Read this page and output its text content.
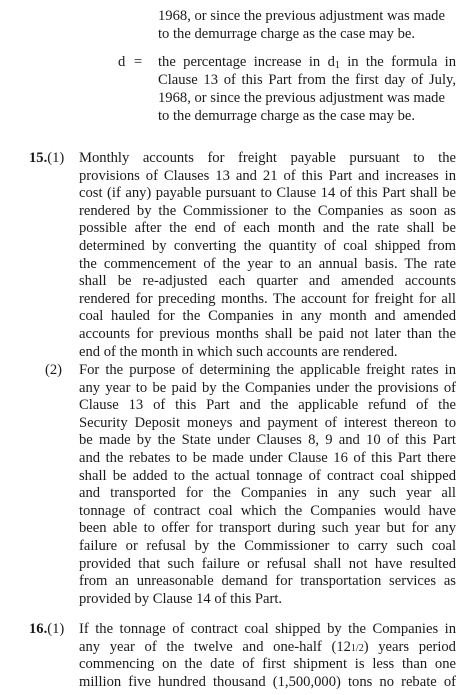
1968, or since the previous adjustment was made
to the demurrage charge as the case may be.
d = the percentage increase in $d_1$ in the formula in
Clause 13 of this Part from the first day of July,
1968, or since the previous adjustment was made
to the demurrage charge as the case may be.
15.(1) Monthly accounts for freight payable pursuant to the
provisions of Clauses 13 and 21 of this Part and increases in
cost (if any) payable pursuant to Clause 14 of this Part shall be
rendered by the Commissioner to the Companies as soon as
possible after the end of each month and the rate shall be
determined by converting the quantity of coal shipped from
the commencement of the year to an annual basis. The rate
shall be re-adjusted each quarter and amended accounts
rendered for preceding months. The account for freight for all
coal hauled for the Companies in any month and amended
accounts for previous months shall be paid not later than the
end of the month in which such accounts are rendered.
(2) For the purpose of determining the applicable freight rates in
any year to be paid by the Companies under the provisions of
Clause 13 of this Part and the applicable refund of the
Security Deposit moneys and payment of interest thereon to
be made by the State under Clauses 8, 9 and 10 of this Part
and the rebates to be made under Clause 16 of this Part there
shall be added to the actual tonnage of contract coal shipped
and transported for the Companies in any such year all
tonnage of contract coal which the Companies would have
been able to offer for transport during such year but for any
failure or refusal by the Commissioner to carry such coal
provided that such failure or refusal shall not have resulted
from an unreasonable demand for transportation services as
provided by Clause 14 of this Part.
16.(1) If the tonnage of contract coal shipped by the Companies in
any year of the twelve and one-half (121/2) years period
commencing on the date of first shipment is less than one
million five hundred thousand (1,500,000) tons no rebate of
